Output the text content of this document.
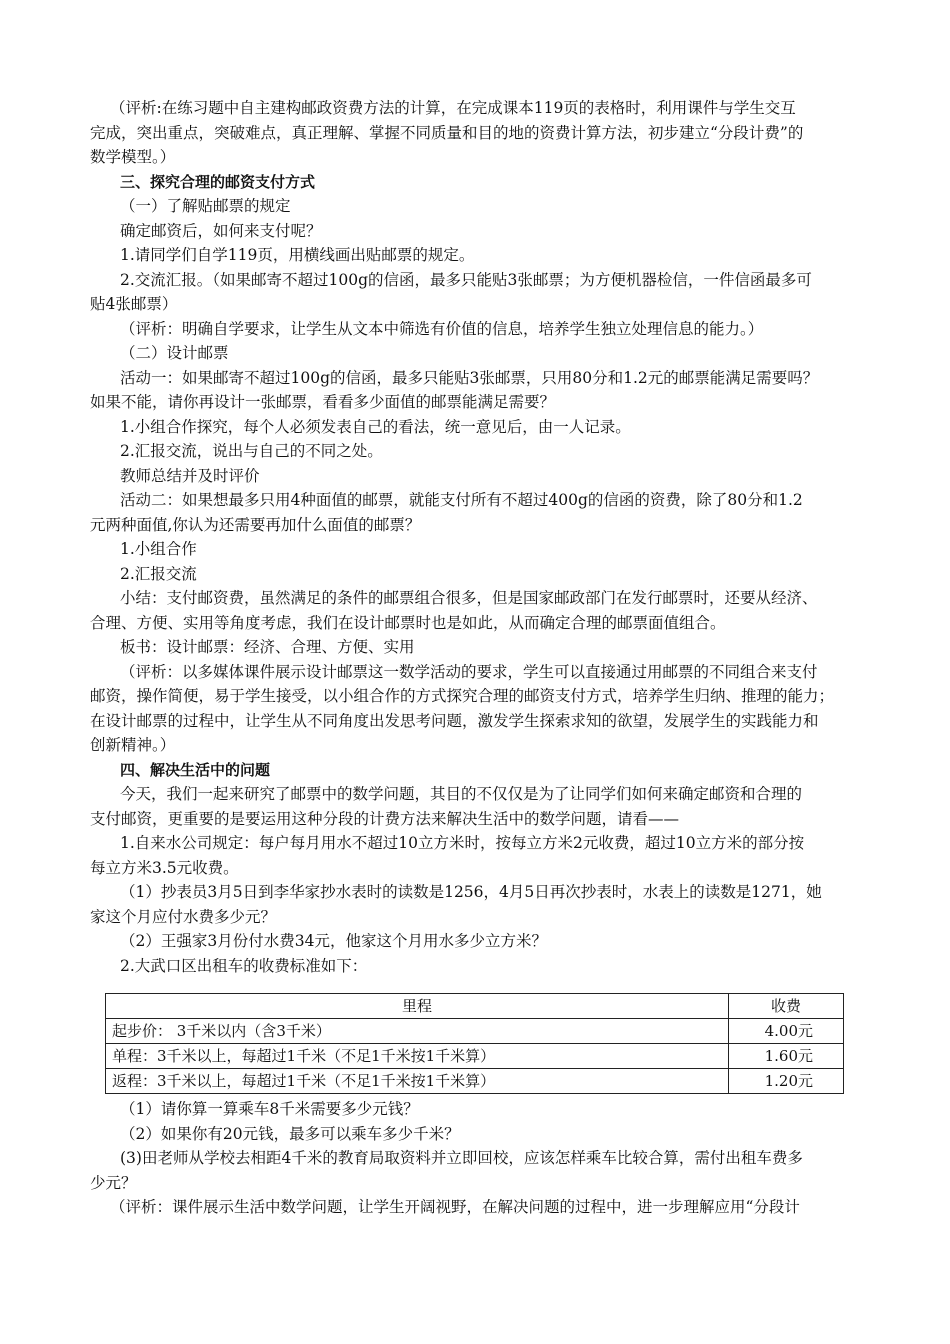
（评析:在练习题中自主建构邮政资费方法的计算，在完成课本119页的表格时，利用课件与学生交互
完成，突出重点，突破难点，真正理解、掌握不同质量和目的地的资费计算方法，初步建立“分段计费”的
数学模型。）
三、探究合理的邮资支付方式
（一）了解贴邮票的规定
确定邮资后，如何来支付呢？
1.请同学们自学119页，用横线画出贴邮票的规定。
2.交流汇报。（如果邮寄不超过100g的信函，最多只能贴3张邮票；为方便机器检信，一件信函最多可
贴4张邮票）
（评析：明确自学要求，让学生从文本中筛选有价值的信息，培养学生独立处理信息的能力。）
（二）设计邮票
活动一：如果邮寄不超过100g的信函，最多只能贴3张邮票，只用80分和1.2元的邮票能满足需要吗？
如果不能，请你再设计一张邮票，看看多少面值的邮票能满足需要？
1.小组合作探究，每个人必须发表自己的看法，统一意见后，由一人记录。
2.汇报交流，说出与自己的不同之处。
教师总结并及时评价
活动二：如果想最多只用4种面值的邮票，就能支付所有不超过400g的信函的资费，除了80分和1.2
元两种面值,你认为还需要再加什么面值的邮票？
1.小组合作
2.汇报交流
小结：支付邮资费，虽然满足的条件的邮票组合很多，但是国家邮政部门在发行邮票时，还要从经济、
合理、方便、实用等角度考虑，我们在设计邮票时也是如此，从而确定合理的邮票面值组合。
板书：设计邮票：经济、合理、方便、实用
（评析：以多媒体课件展示设计邮票这一数学活动的要求，学生可以直接通过用邮票的不同组合来支付
邮资，操作简便，易于学生接受，以小组合作的方式探究合理的邮资支付方式，培养学生归纳、推理的能力；
在设计邮票的过程中，让学生从不同角度出发思考问题，激发学生探索求知的欲望，发展学生的实践能力和
创新精神。）
四、解决生活中的问题
今天，我们一起来研究了邮票中的数学问题，其目的不仅仅是为了让同学们如何来确定邮资和合理的
支付邮资，更重要的是要运用这种分段的计费方法来解决生活中的数学问题，请看——
1.自来水公司规定：每户每月用水不超过10立方米时，按每立方米2元收费，超过10立方米的部分按
每立方米3.5元收费。
（1）抄表员3月5日到李华家抄水表时的读数是1256，4月5日再次抄表时，水表上的读数是1271，她
家这个月应付水费多少元？
（2）王强家3月份付水费34元，他家这个月用水多少立方米？
2.大武口区出租车的收费标准如下：
里程	收费
起步价： 3千米以内（含3千米）	4.00元
单程：3千米以上，每超过1千米（不足1千米按1千米算）	1.60元
返程：3千米以上，每超过1千米（不足1千米按1千米算）	1.20元
（1）请你算一算乘车8千米需要多少元钱？
（2）如果你有20元钱，最多可以乘车多少千米？
(3)田老师从学校去相距4千米的教育局取资料并立即回校，应该怎样乘车比较合算，需付出租车费多
少元？
（评析：课件展示生活中数学问题，让学生开阔视野，在解决问题的过程中，进一步理解应用“分段计
